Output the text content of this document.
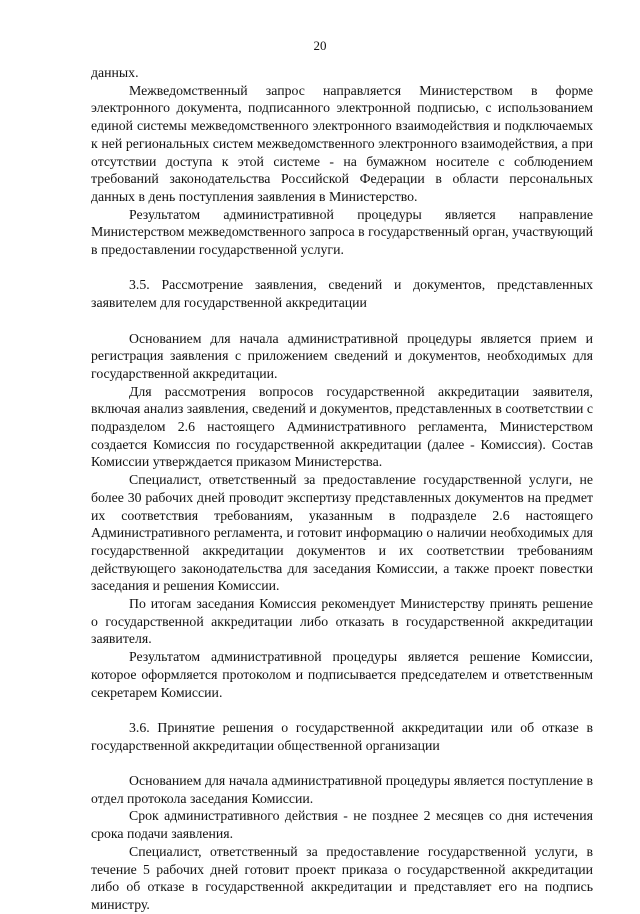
20

данных.

Межведомственный запрос направляется Министерством в форме электронного документа, подписанного электронной подписью, с использованием единой системы межведомственного электронного взаимодействия и подключаемых к ней региональных систем межведомственного электронного взаимодействия, а при отсутствии доступа к этой системе - на бумажном носителе с соблюдением требований законодательства Российской Федерации в области персональных данных в день поступления заявления в Министерство.

Результатом административной процедуры является направление Министерством межведомственного запроса в государственный орган, участвующий в предоставлении государственной услуги.

3.5. Рассмотрение заявления, сведений и документов, представленных заявителем для государственной аккредитации

Основанием для начала административной процедуры является прием и регистрация заявления с приложением сведений и документов, необходимых для государственной аккредитации.

Для рассмотрения вопросов государственной аккредитации заявителя, включая анализ заявления, сведений и документов, представленных в соответствии с подразделом 2.6 настоящего Административного регламента, Министерством создается Комиссия по государственной аккредитации (далее - Комиссия). Состав Комиссии утверждается приказом Министерства.

Специалист, ответственный за предоставление государственной услуги, не более 30 рабочих дней проводит экспертизу представленных документов на предмет их соответствия требованиям, указанным в подразделе 2.6 настоящего Административного регламента, и готовит информацию о наличии необходимых для государственной аккредитации документов и их соответствии требованиям действующего законодательства для заседания Комиссии, а также проект повестки заседания и решения Комиссии.

По итогам заседания Комиссия рекомендует Министерству принять решение о государственной аккредитации либо отказать в государственной аккредитации заявителя.

Результатом административной процедуры является решение Комиссии, которое оформляется протоколом и подписывается председателем и ответственным секретарем Комиссии.

3.6. Принятие решения о государственной аккредитации или об отказе в государственной аккредитации общественной организации

Основанием для начала административной процедуры является поступление в отдел протокола заседания Комиссии.

Срок административного действия - не позднее 2 месяцев со дня истечения срока подачи заявления.

Специалист, ответственный за предоставление государственной услуги, в течение 5 рабочих дней готовит проект приказа о государственной аккредитации либо об отказе в государственной аккредитации и представляет его на подпись министру.
